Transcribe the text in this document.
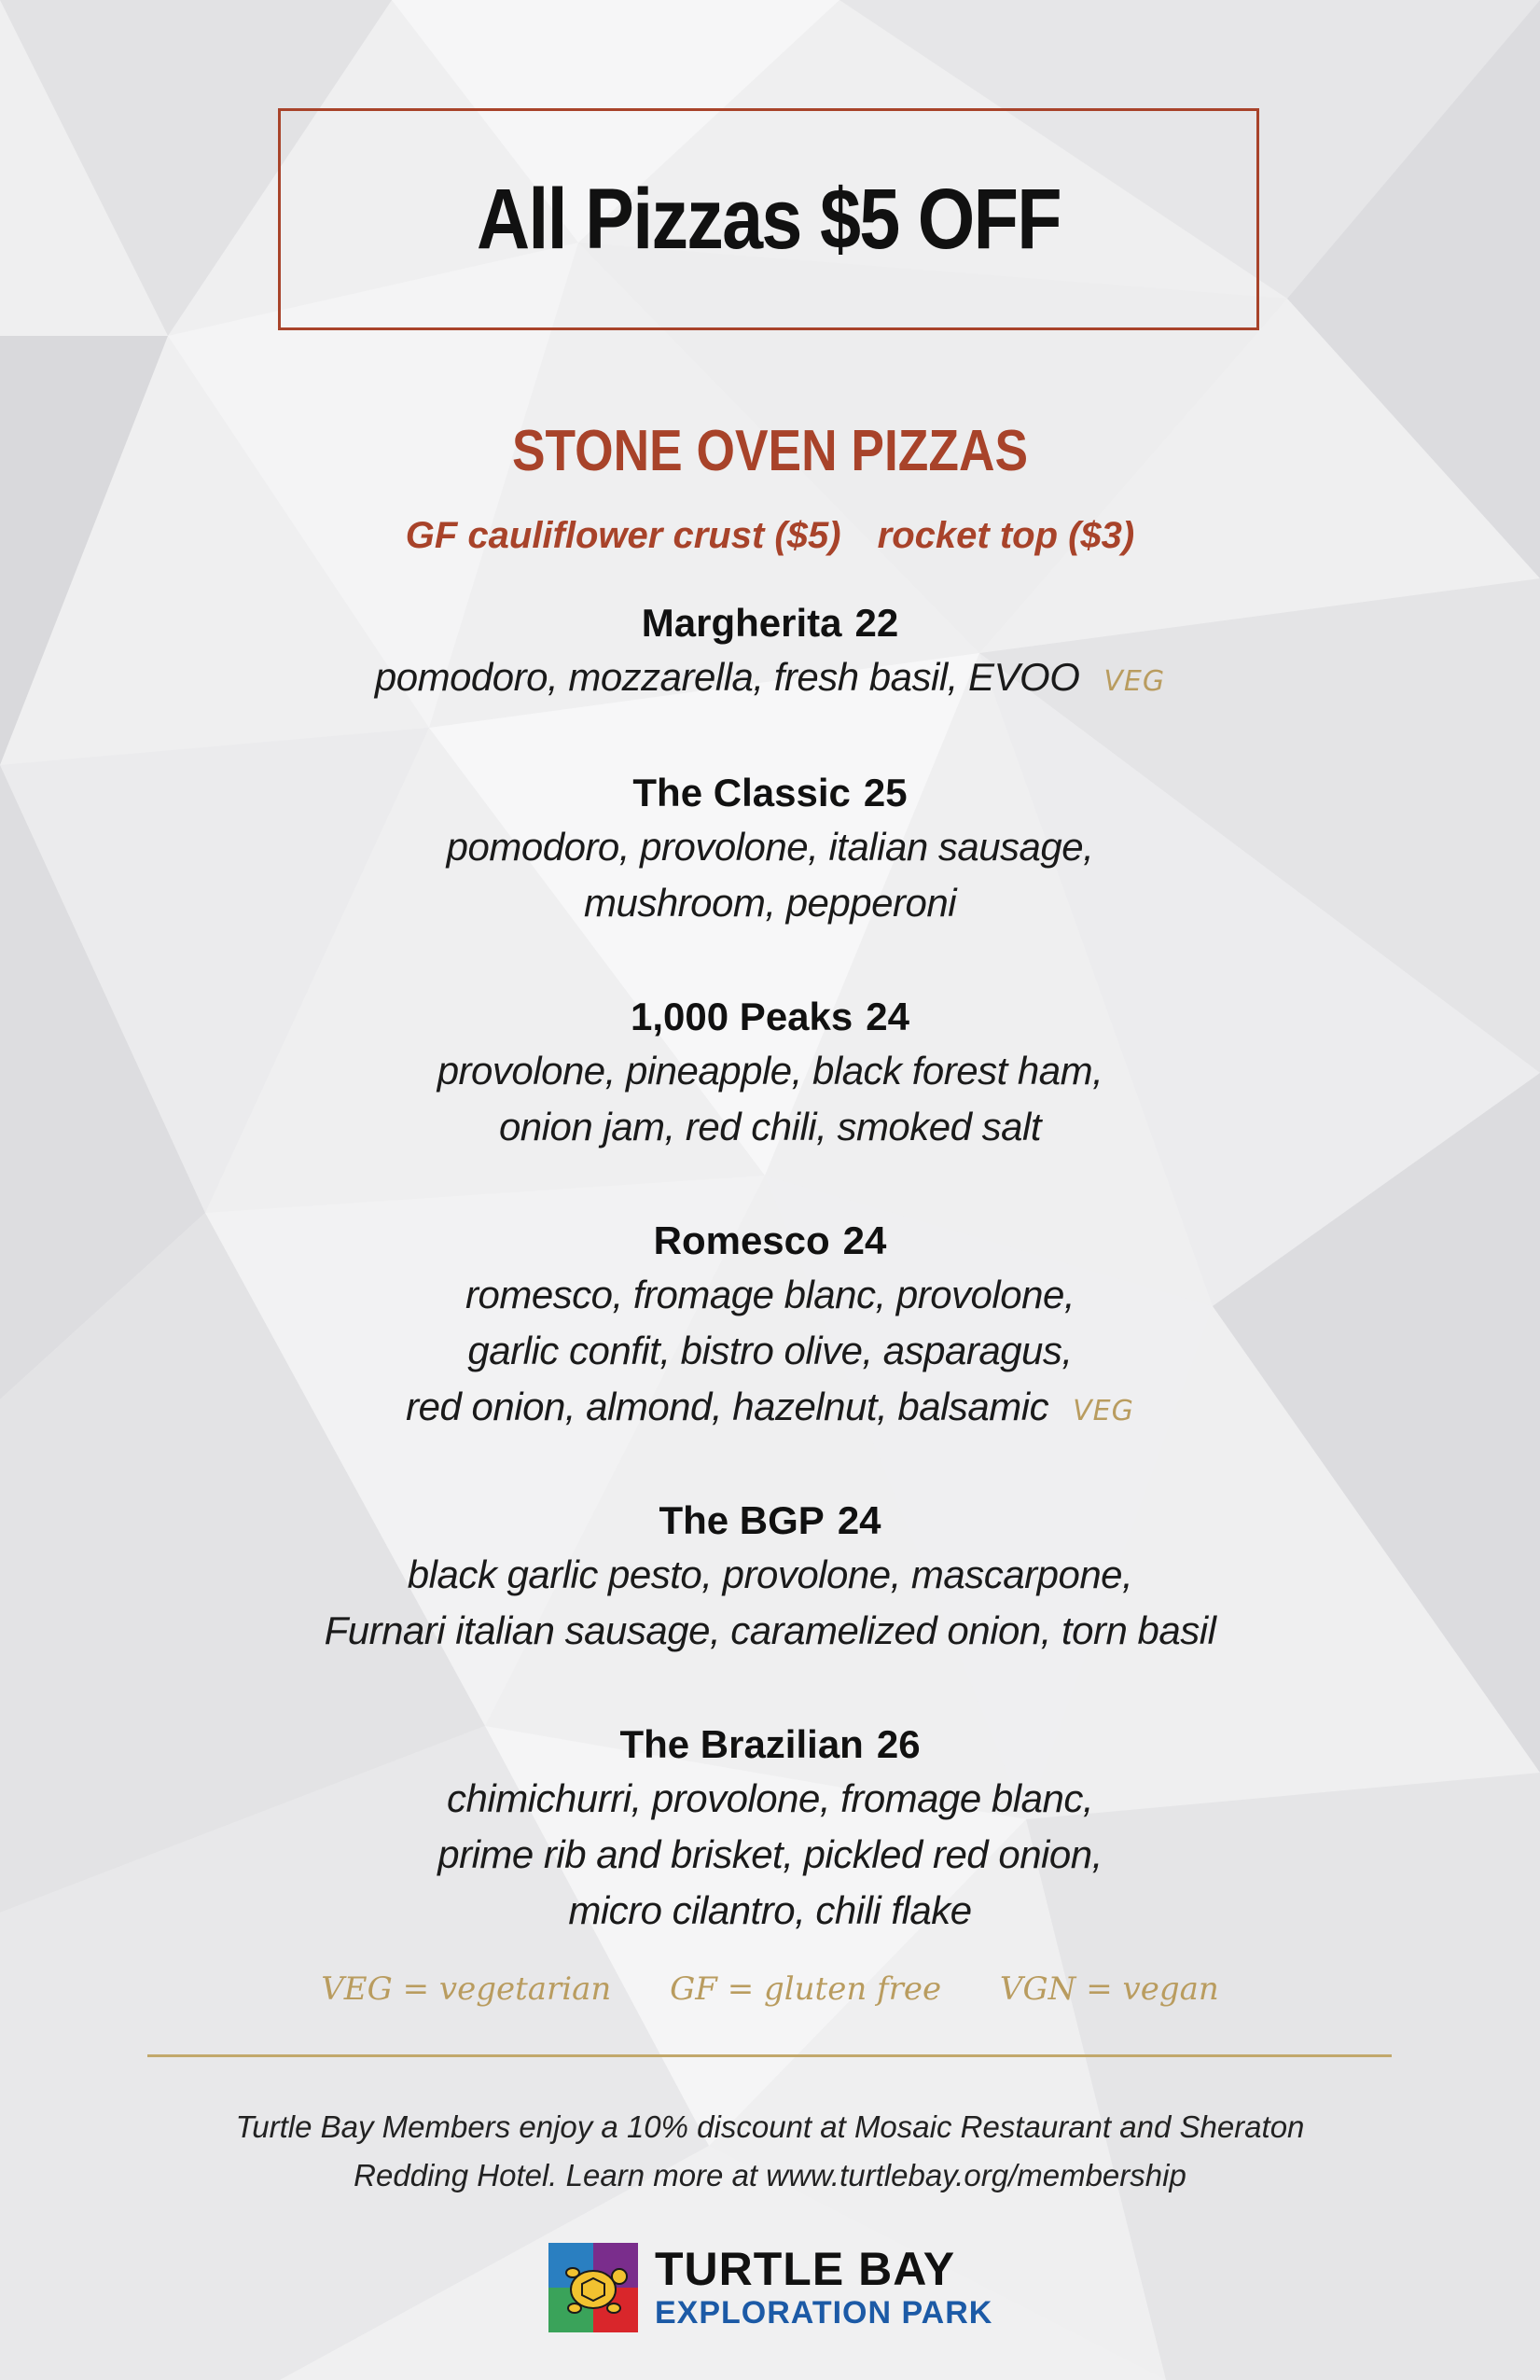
All Pizzas $5 OFF
STONE OVEN PIZZAS
GF cauliflower crust ($5) rocket top ($3)
Margherita 22
pomodoro, mozzarella, fresh basil, EVOO VEG
The Classic 25
pomodoro, provolone, italian sausage,
mushroom, pepperoni
1,000 Peaks 24
provolone, pineapple, black forest ham,
onion jam, red chili, smoked salt
Romesco 24
romesco, fromage blanc, provolone,
garlic confit, bistro olive, asparagus,
red onion, almond, hazelnut, balsamic VEG
The BGP 24
black garlic pesto, provolone, mascarpone,
Furnari italian sausage, caramelized onion, torn basil
The Brazilian 26
chimichurri, provolone, fromage blanc,
prime rib and brisket, pickled red onion,
micro cilantro, chili flake
VEG = vegetarian GF = gluten free VGN = vegan
Turtle Bay Members enjoy a 10% discount at Mosaic Restaurant and Sheraton
Redding Hotel. Learn more at www.turtlebay.org/membership
TURTLE BAY
EXPLORATION PARK
